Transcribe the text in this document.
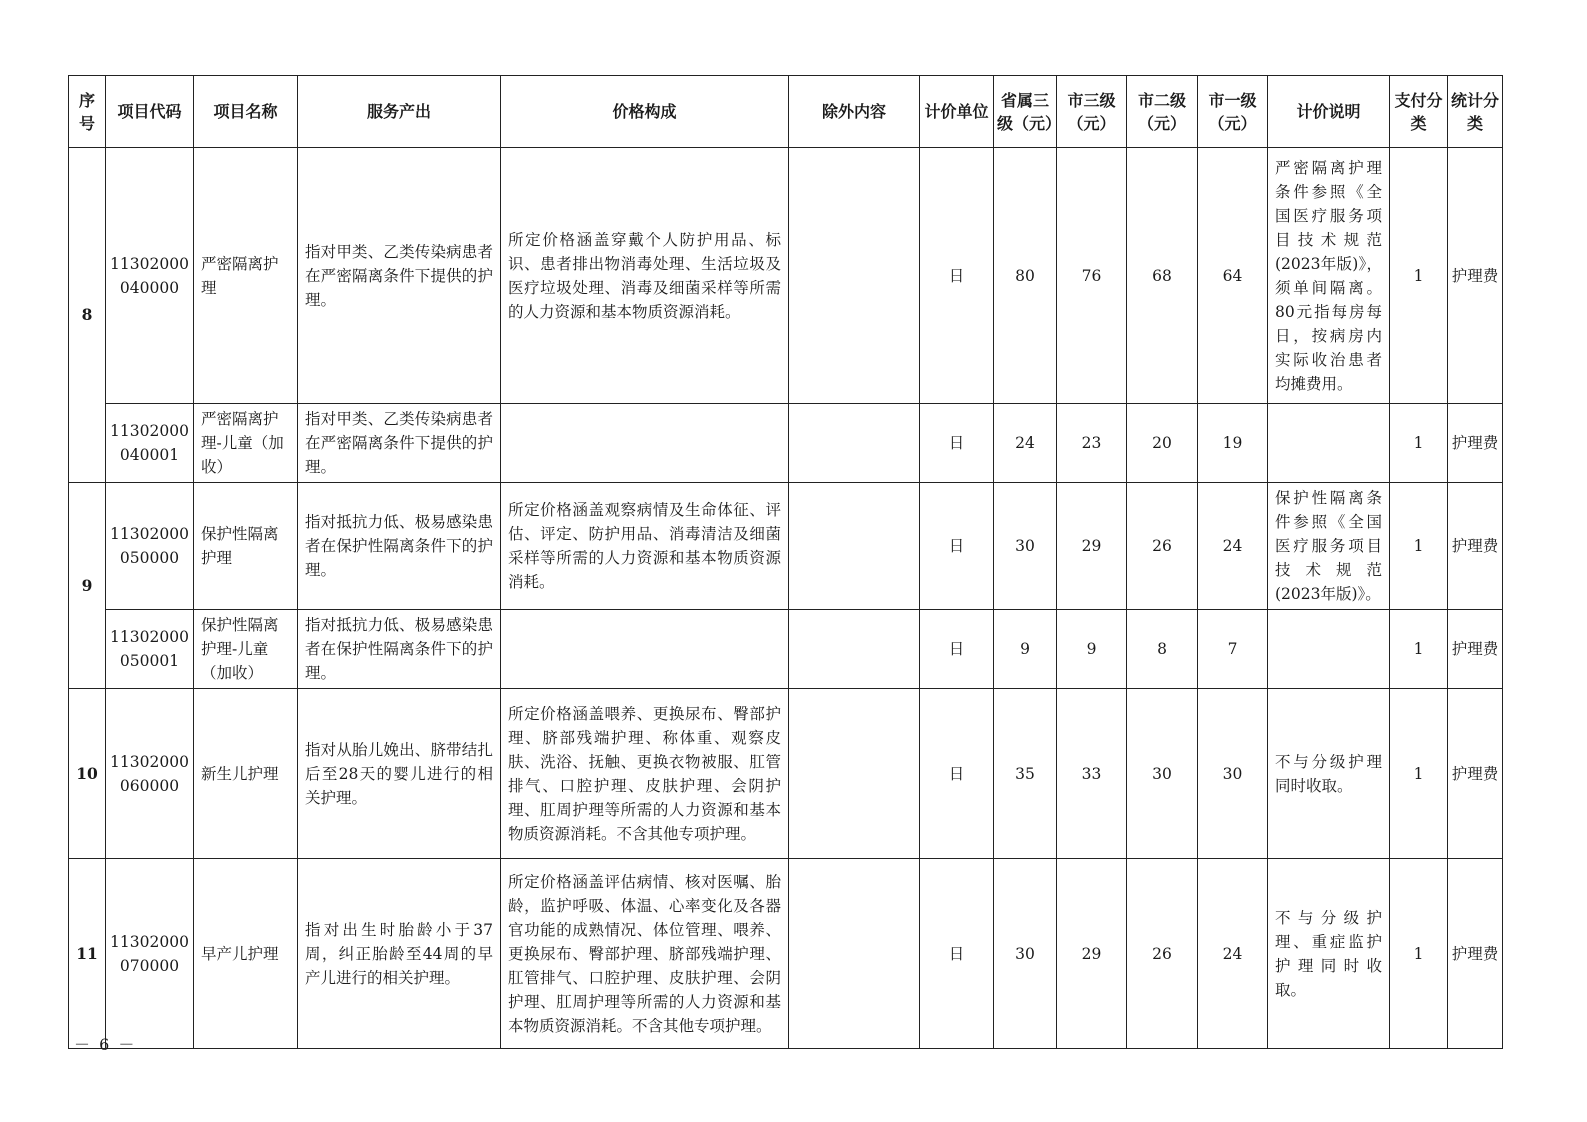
序号	项目代码	项目名称	服务产出	价格构成	除外内容	计价单位	省属三级（元）	市三级（元）	市二级（元）	市一级（元）	计价说明	支付分类	统计分类
8	11302000 040000	严密隔离护理	指对甲类、乙类传染病患者在严密隔离条件下提供的护理。	所定价格涵盖穿戴个人防护用品、标识、患者排出物消毒处理、生活垃圾及医疗垃圾处理、消毒及细菌采样等所需的人力资源和基本物质资源消耗。		日	80	76	68	64	严密隔离护理条件参照《全国医疗服务项目技术规范(2023年版)》，须单间隔离。80元指每房每日，按病房内实际收治患者均摊费用。	1	护理费
	11302000 040001	严密隔离护理-儿童（加收）	指对甲类、乙类传染病患者在严密隔离条件下提供的护理。			日	24	23	20	19		1	护理费
9	11302000 050000	保护性隔离护理	指对抵抗力低、极易感染患者在保护性隔离条件下的护理。	所定价格涵盖观察病情及生命体征、评估、评定、防护用品、消毒清洁及细菌采样等所需的人力资源和基本物质资源消耗。		日	30	29	26	24	保护性隔离条件参照《全国医疗服务项目技术规范(2023年版)》。	1	护理费
	11302000 050001	保护性隔离护理-儿童（加收）	指对抵抗力低、极易感染患者在保护性隔离条件下的护理。			日	9	9	8	7		1	护理费
10	11302000 060000	新生儿护理	指对从胎儿娩出、脐带结扎后至28天的婴儿进行的相关护理。	所定价格涵盖喂养、更换尿布、臀部护理、脐部残端护理、称体重、观察皮肤、洗浴、抚触、更换衣物被服、肛管排气、口腔护理、皮肤护理、会阴护理、肛周护理等所需的人力资源和基本物质资源消耗。不含其他专项护理。		日	35	33	30	30	不与分级护理同时收取。	1	护理费
11	11302000 070000	早产儿护理	指对出生时胎龄小于37周，纠正胎龄至44周的早产儿进行的相关护理。	所定价格涵盖评估病情、核对医嘱、胎龄，监护呼吸、体温、心率变化及各器官功能的成熟情况、体位管理、喂养、更换尿布、臀部护理、脐部残端护理、肛管排气、口腔护理、皮肤护理、会阴护理、肛周护理等所需的人力资源和基本物质资源消耗。不含其他专项护理。		日	30	29	26	24	不与分级护理、重症监护护理同时收取。	1	护理费
－ 6 －
